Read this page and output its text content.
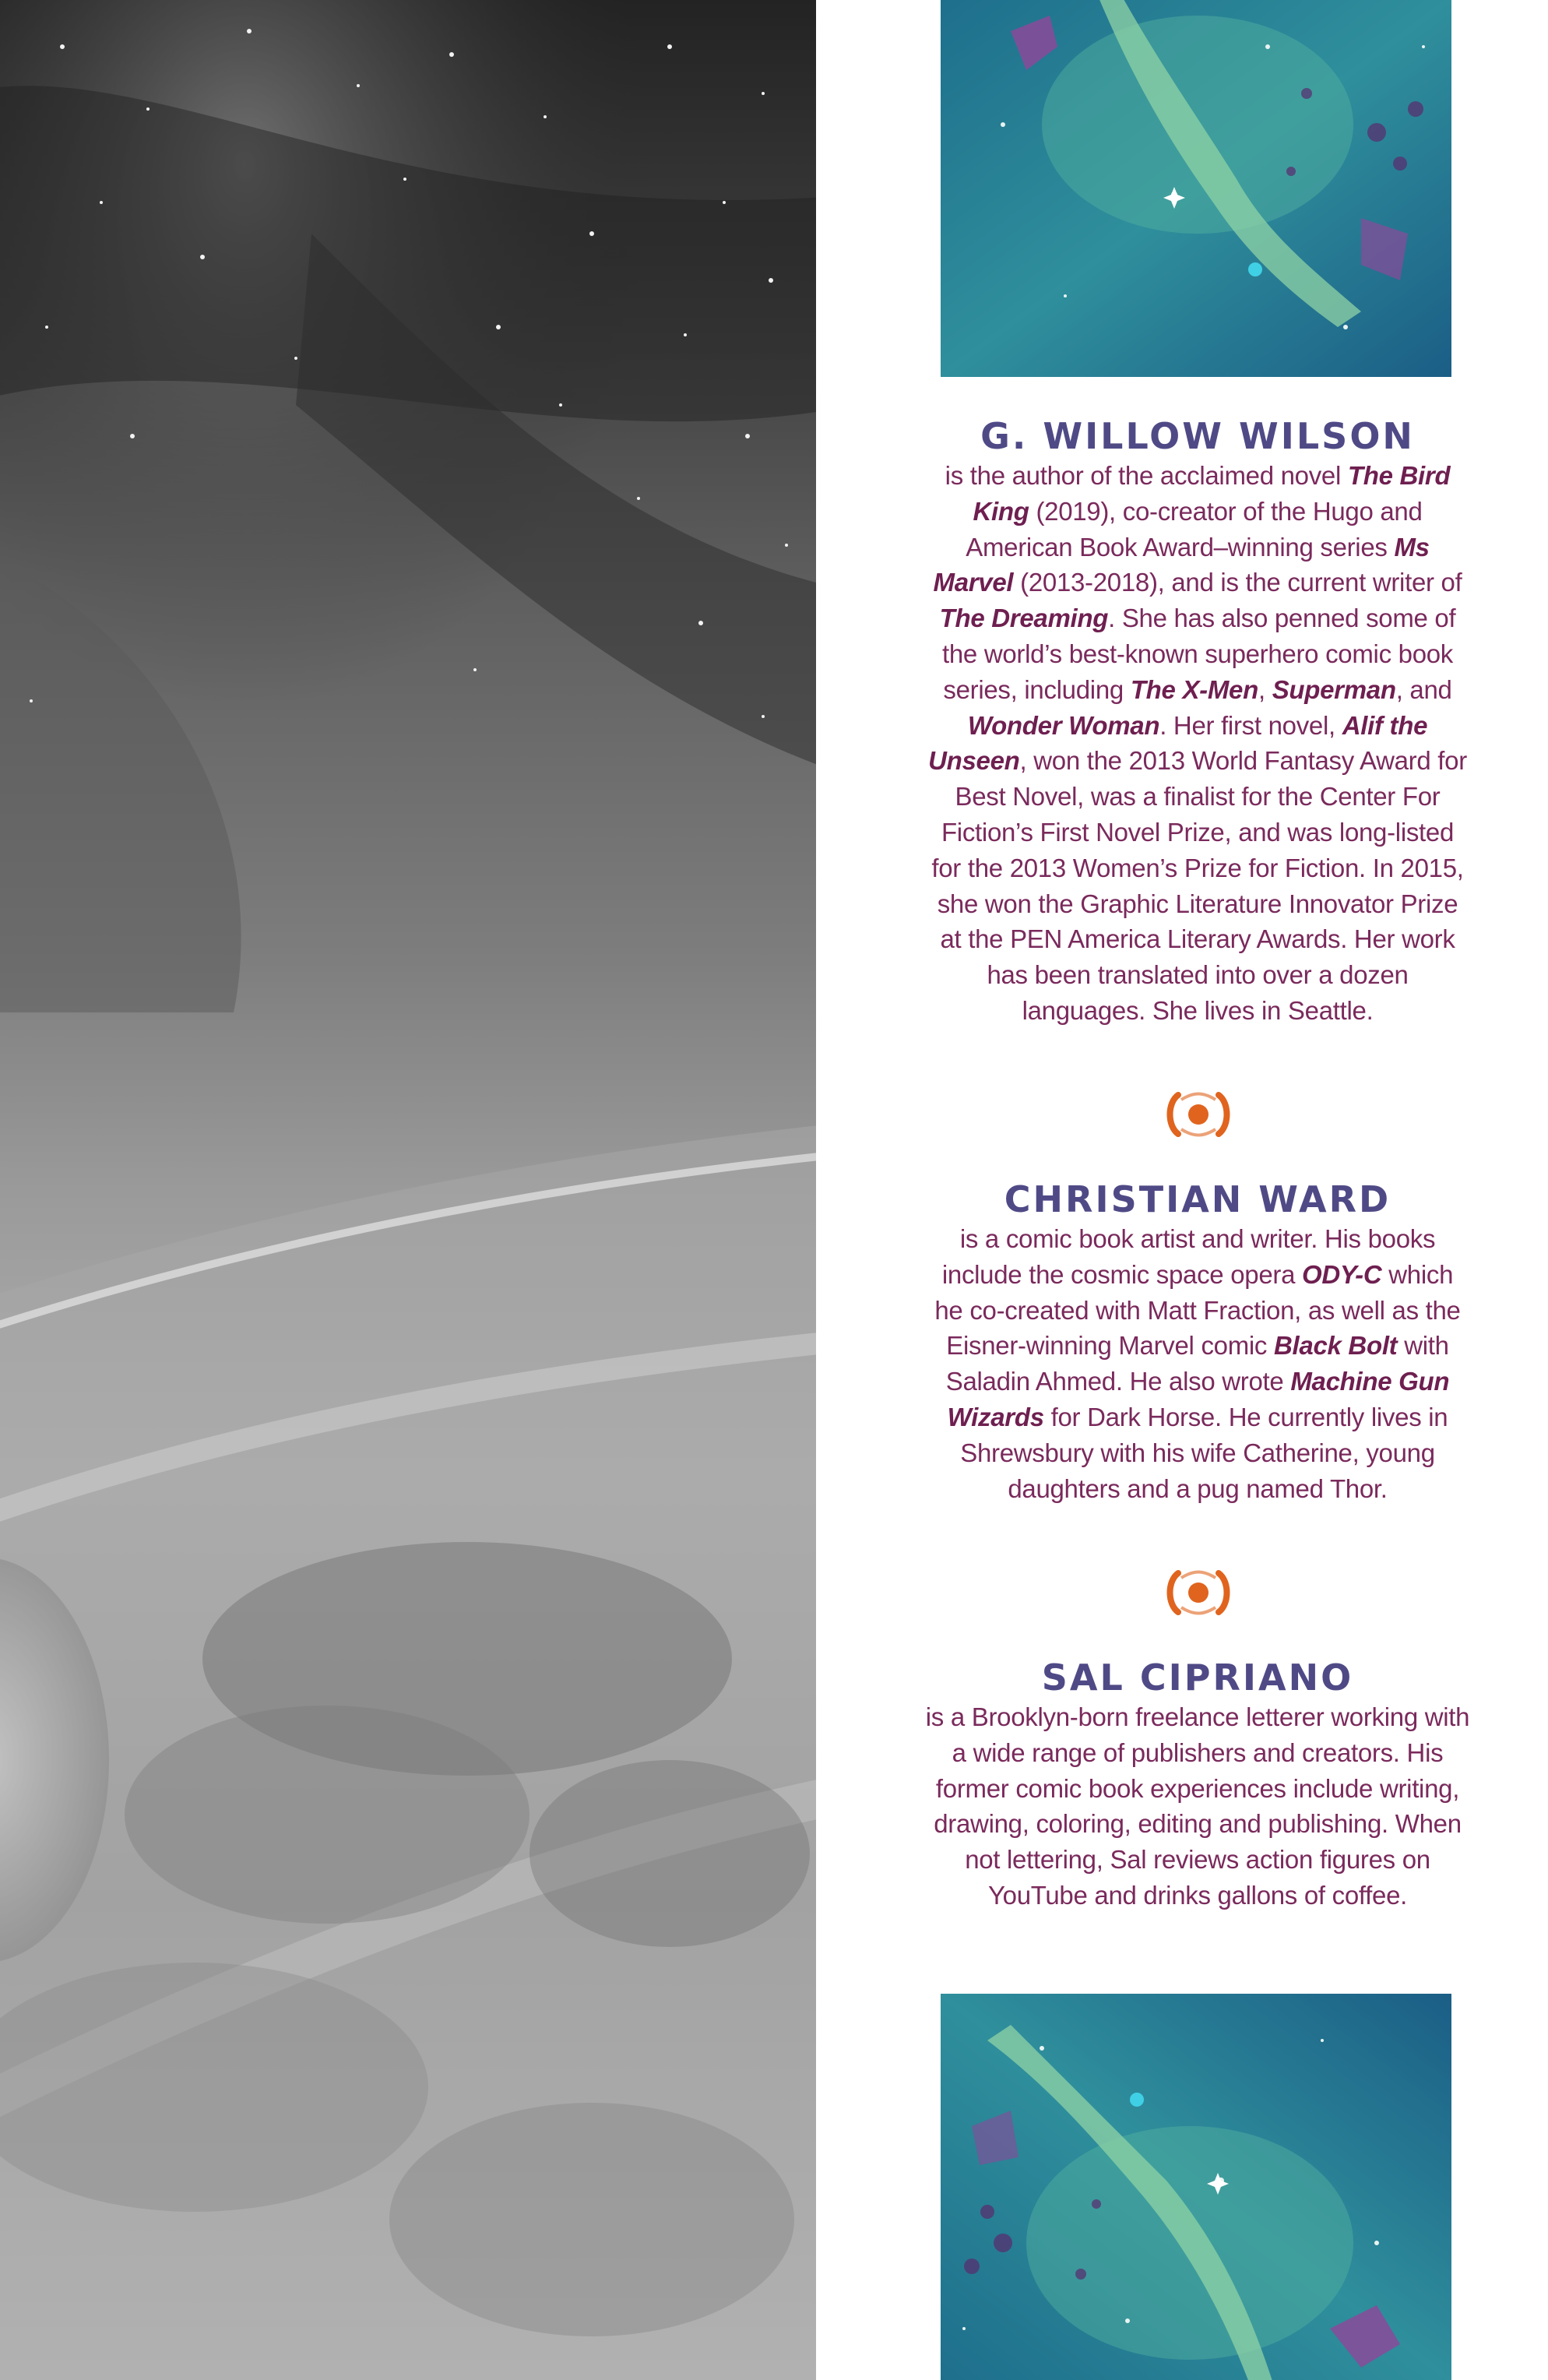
G. WILLOW WILSON

is the author of the acclaimed novel The Bird King (2019), co-creator of the Hugo and American Book Award–winning series Ms Marvel (2013-2018), and is the current writer of The Dreaming. She has also penned some of the world’s best-known superhero comic book series, including The X-Men, Superman, and Wonder Woman. Her first novel, Alif the Unseen, won the 2013 World Fantasy Award for Best Novel, was a finalist for the Center For Fiction’s First Novel Prize, and was long-listed for the 2013 Women’s Prize for Fiction. In 2015, she won the Graphic Literature Innovator Prize at the PEN America Literary Awards. Her work has been translated into over a dozen languages. She lives in Seattle.

CHRISTIAN WARD

is a comic book artist and writer. His books include the cosmic space opera ODY-C which he co-created with Matt Fraction, as well as the Eisner-winning Marvel comic Black Bolt with Saladin Ahmed. He also wrote Machine Gun Wizards for Dark Horse. He currently lives in Shrewsbury with his wife Catherine, young daughters and a pug named Thor.

SAL CIPRIANO

is a Brooklyn-born freelance letterer working with a wide range of publishers and creators. His former comic book experiences include writing, drawing, coloring, editing and publishing. When not lettering, Sal reviews action figures on YouTube and drinks gallons of coffee.
